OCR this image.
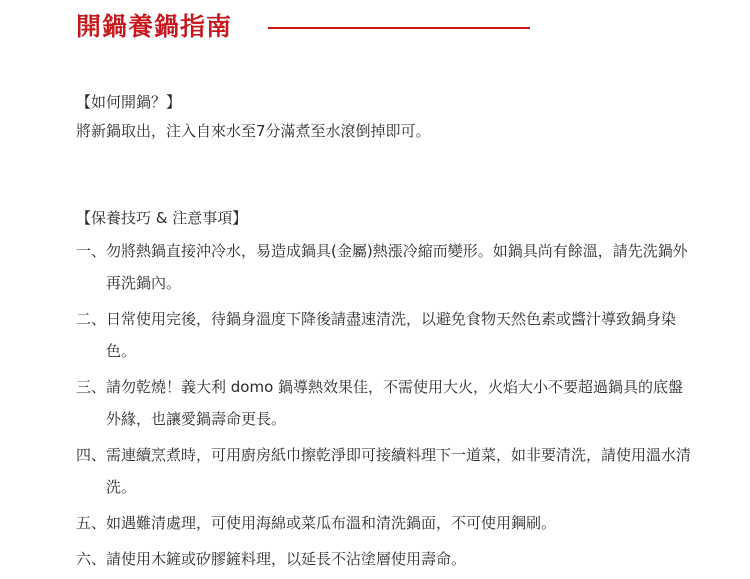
開鍋養鍋指南
【如何開鍋？】

將新鍋取出，注入自來水至7分滿煮至水滾倒掉即可。

【保養技巧 & 注意事項】
一、 勿將熱鍋直接沖冷水，易造成鍋具(金屬)熱漲冷縮而變形。如鍋具尚有餘溫，請先洗鍋外再洗鍋內。
二、 日常使用完後，待鍋身溫度下降後請盡速清洗，以避免食物天然色素或醬汁導致鍋身染色。
三、 請勿乾燒！義大利 domo 鍋導熱效果佳，不需使用大火，火焰大小不要超過鍋具的底盤外緣，也讓愛鍋壽命更長。
四、 需連續烹煮時，可用廚房紙巾擦乾淨即可接續料理下一道菜，如非要清洗，請使用溫水清洗。
五、 如遇難清處理，可使用海綿或菜瓜布溫和清洗鍋面，不可使用鋼刷。
六、 請使用木鏟或矽膠鏟料理，以延長不沾塗層使用壽命。
